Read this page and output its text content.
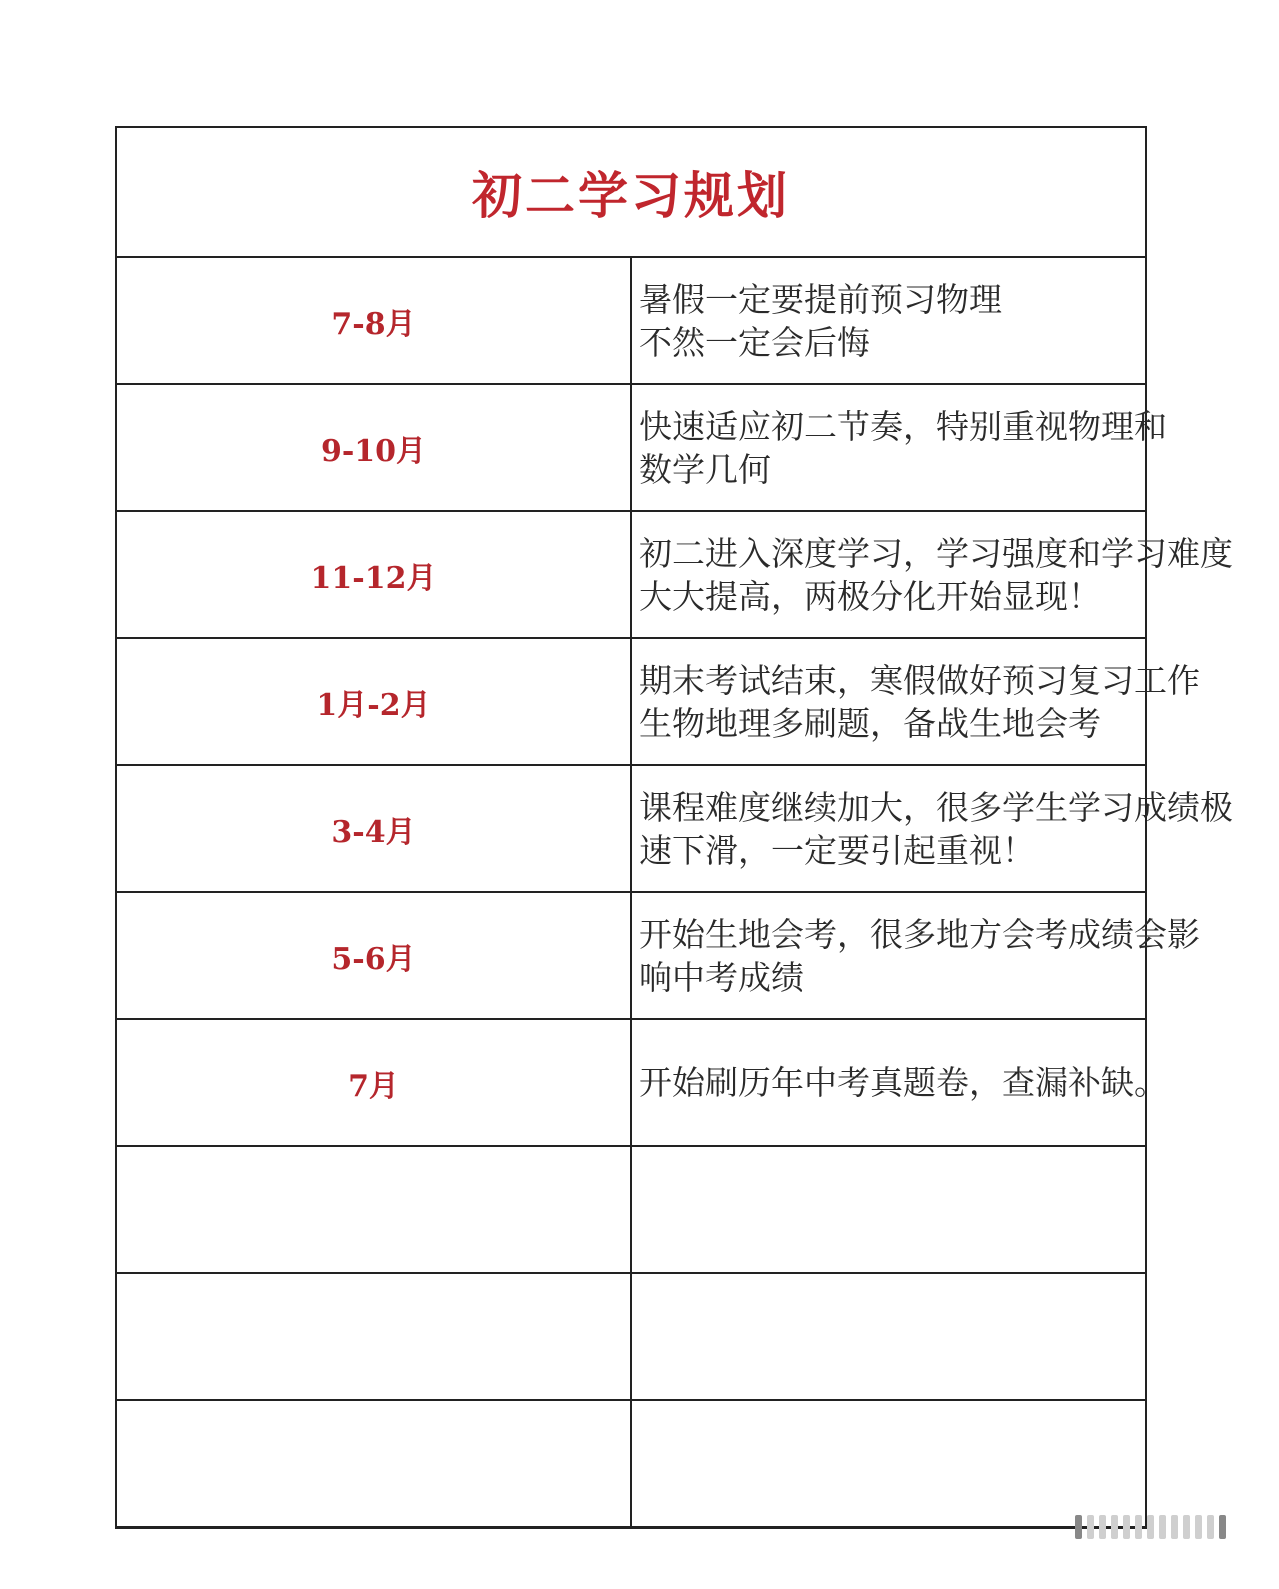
初二学习规划	
7-8月	暑假一定要提前预习物理
不然一定会后悔

9-10月	快速适应初二节奏，特别重视物理和
数学几何

11-12月	初二进入深度学习，学习强度和学习难度
大大提高，两极分化开始显现！

1月-2月	期末考试结束，寒假做好预习复习工作
生物地理多刷题，备战生地会考

3-4月	课程难度继续加大，很多学生学习成绩极
速下滑，一定要引起重视！

5-6月	开始生地会考，很多地方会考成绩会影
响中考成绩

7月	开始刷历年中考真题卷，查漏补缺。
